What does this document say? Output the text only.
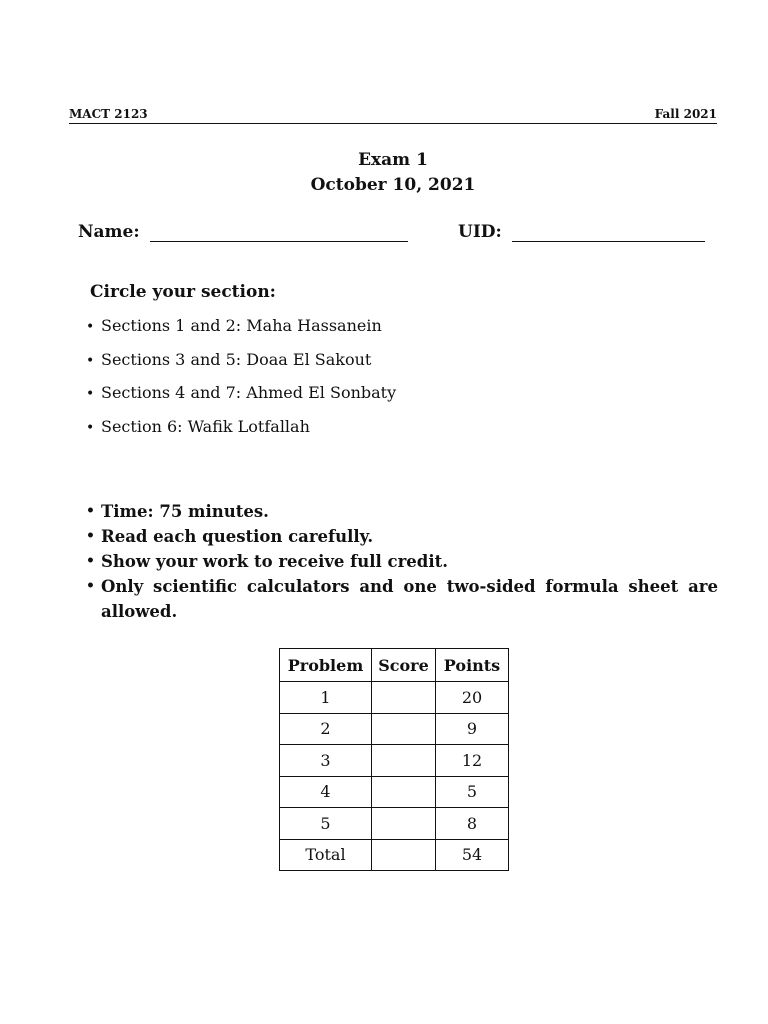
MACT 2123	Fall 2021
Exam 1
October 10, 2021
Name:	UID:
Circle your section:
• Sections 1 and 2: Maha Hassanein
• Sections 3 and 5: Doaa El Sakout
• Sections 4 and 7: Ahmed El Sonbaty
• Section 6: Wafik Lotfallah
• Time: 75 minutes.
• Read each question carefully.
• Show your work to receive full credit.
• Only scientific calculators and one two-sided formula sheet are allowed.
Problem	Score	Points
1		20
2		9
3		12
4		5
5		8
Total		54
